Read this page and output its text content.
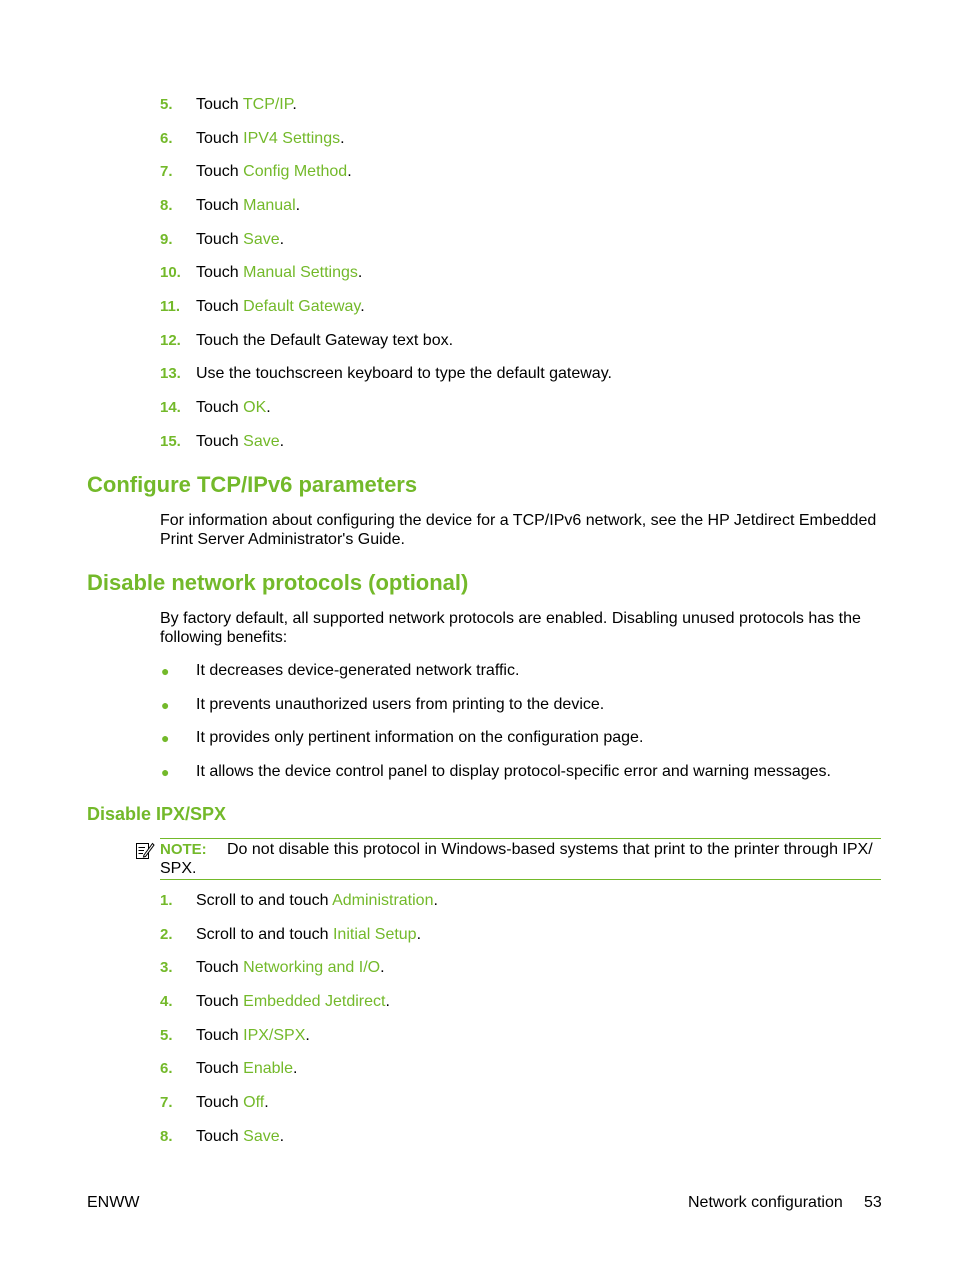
5. Touch TCP/IP.
6. Touch IPV4 Settings.
7. Touch Config Method.
8. Touch Manual.
9. Touch Save.
10. Touch Manual Settings.
11. Touch Default Gateway.
12. Touch the Default Gateway text box.
13. Use the touchscreen keyboard to type the default gateway.
14. Touch OK.
15. Touch Save.
Configure TCP/IPv6 parameters

For information about configuring the device for a TCP/IPv6 network, see the HP Jetdirect Embedded Print Server Administrator's Guide.

Disable network protocols (optional)

By factory default, all supported network protocols are enabled. Disabling unused protocols has the following benefits:

● It decreases device-generated network traffic.
● It prevents unauthorized users from printing to the device.
● It provides only pertinent information on the configuration page.
● It allows the device control panel to display protocol-specific error and warning messages.
Disable IPX/SPX
NOTE: Do not disable this protocol in Windows-based systems that print to the printer through IPX/ SPX.
1. Scroll to and touch Administration.
2. Scroll to and touch Initial Setup.
3. Touch Networking and I/O.
4. Touch Embedded Jetdirect.
5. Touch IPX/SPX.
6. Touch Enable.
7. Touch Off.
8. Touch Save.
ENWW	Network configuration 53
